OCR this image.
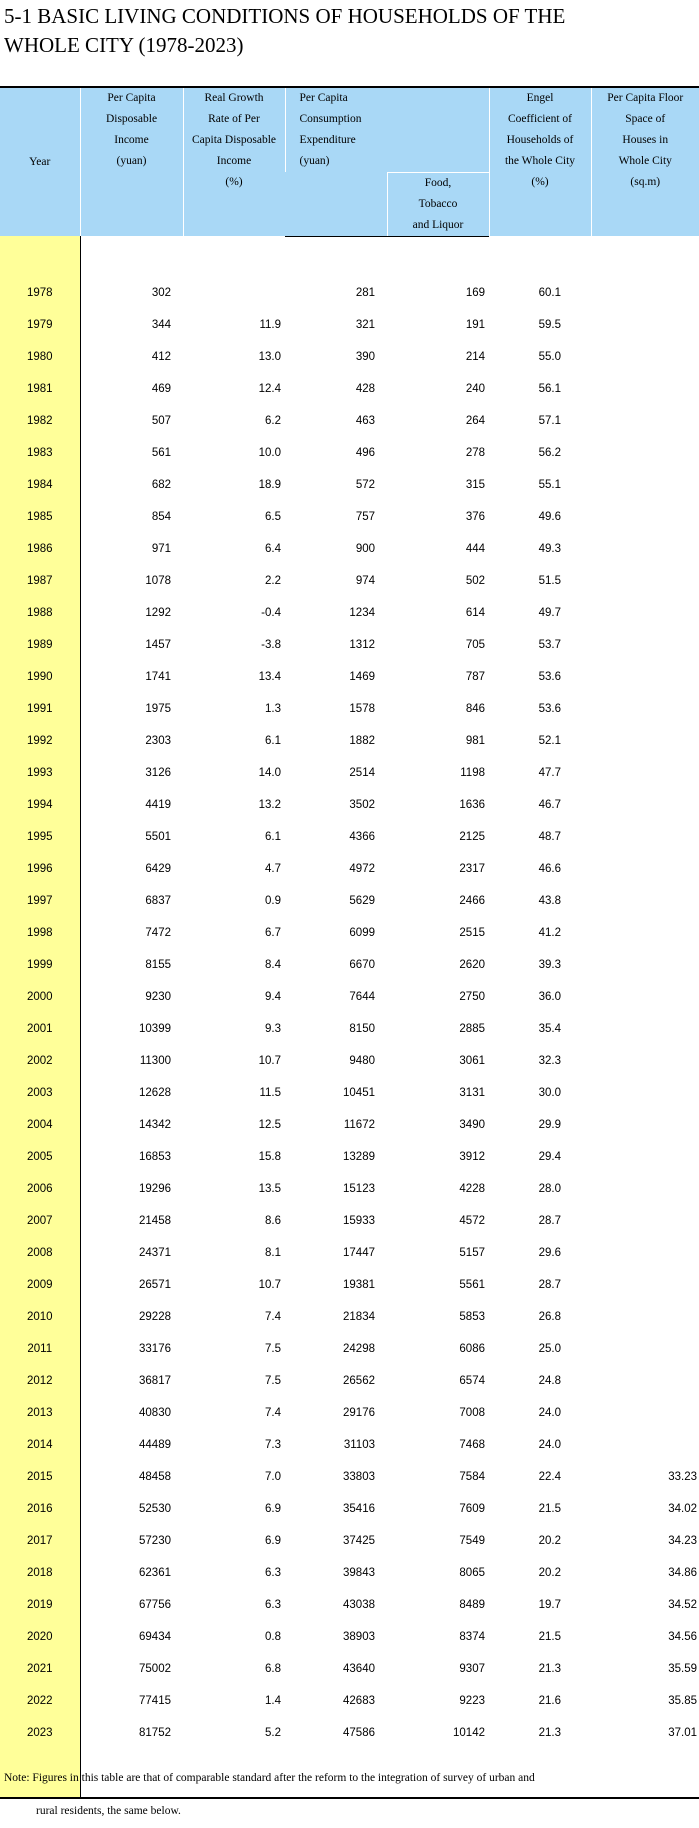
5-1 BASIC LIVING CONDITIONS OF HOUSEHOLDS OF THE
WHOLE CITY (1978-2023)
Year	Per Capita
Disposable
Income
(yuan)	Real Growth
Rate of Per
Capita Disposable
Income
(%)	Per Capita
Consumption
Expenditure
(yuan)		Engel
Coefficient of
Households of
the Whole City
(%)	Per Capita Floor
Space of
Houses in
Whole City
(sq.m)

				Food,
Tobacco
and Liquor		

1978	302		281	169	60.1	
1979	344	11.9	321	191	59.5	
1980	412	13.0	390	214	55.0	
1981	469	12.4	428	240	56.1	
1982	507	6.2	463	264	57.1	
1983	561	10.0	496	278	56.2	
1984	682	18.9	572	315	55.1	
1985	854	6.5	757	376	49.6	
1986	971	6.4	900	444	49.3	
1987	1078	2.2	974	502	51.5	
1988	1292	-0.4	1234	614	49.7	
1989	1457	-3.8	1312	705	53.7	
1990	1741	13.4	1469	787	53.6	
1991	1975	1.3	1578	846	53.6	
1992	2303	6.1	1882	981	52.1	
1993	3126	14.0	2514	1198	47.7	
1994	4419	13.2	3502	1636	46.7	
1995	5501	6.1	4366	2125	48.7	
1996	6429	4.7	4972	2317	46.6	
1997	6837	0.9	5629	2466	43.8	
1998	7472	6.7	6099	2515	41.2	
1999	8155	8.4	6670	2620	39.3	
2000	9230	9.4	7644	2750	36.0	
2001	10399	9.3	8150	2885	35.4	
2002	11300	10.7	9480	3061	32.3	
2003	12628	11.5	10451	3131	30.0	
2004	14342	12.5	11672	3490	29.9	
2005	16853	15.8	13289	3912	29.4	
2006	19296	13.5	15123	4228	28.0	
2007	21458	8.6	15933	4572	28.7	
2008	24371	8.1	17447	5157	29.6	
2009	26571	10.7	19381	5561	28.7	
2010	29228	7.4	21834	5853	26.8	
2011	33176	7.5	24298	6086	25.0	
2012	36817	7.5	26562	6574	24.8	
2013	40830	7.4	29176	7008	24.0	
2014	44489	7.3	31103	7468	24.0	
2015	48458	7.0	33803	7584	22.4	33.23
2016	52530	6.9	35416	7609	21.5	34.02
2017	57230	6.9	37425	7549	20.2	34.23
2018	62361	6.3	39843	8065	20.2	34.86
2019	67756	6.3	43038	8489	19.7	34.52
2020	69434	0.8	38903	8374	21.5	34.56
2021	75002	6.8	43640	9307	21.3	35.59
2022	77415	1.4	42683	9223	21.6	35.85
2023	81752	5.2	47586	10142	21.3	37.01

Note: Figures in this table are that of comparable standard after the reform to the integration of survey of urban and
rural residents, the same below.
